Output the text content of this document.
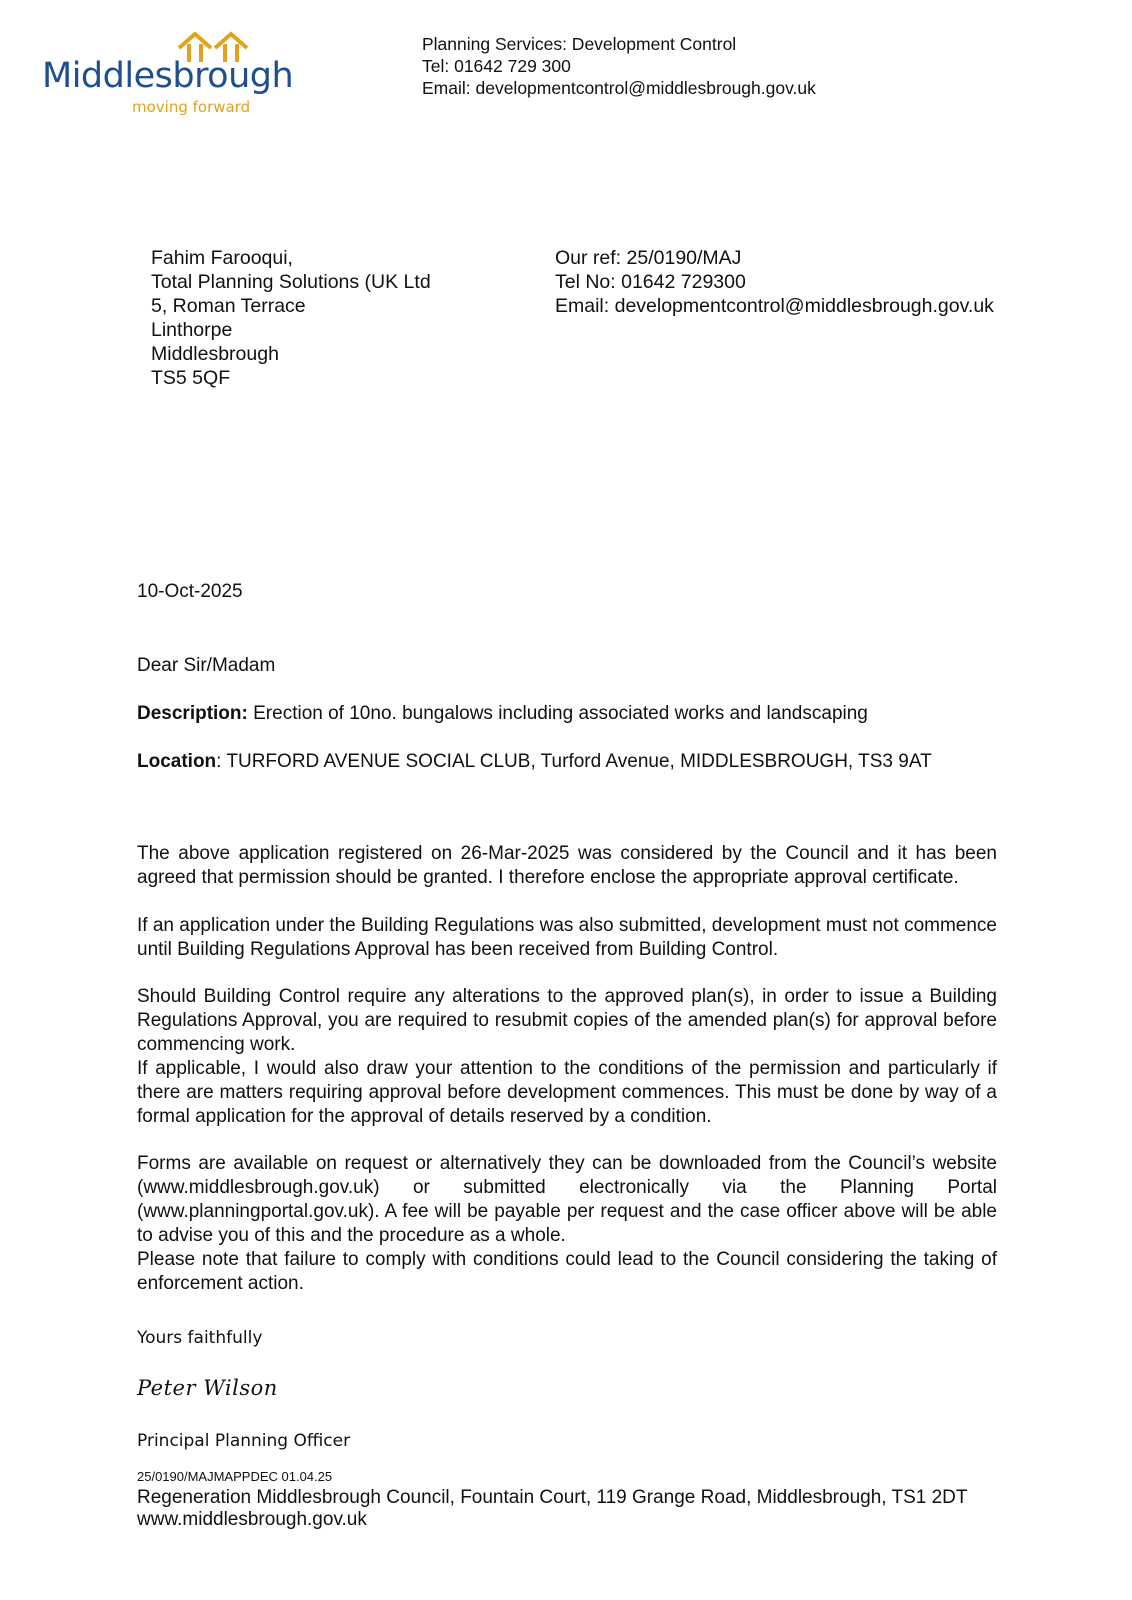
Middlesbrough
moving forward
Planning Services: Development Control
Tel: 01642 729 300
Email: developmentcontrol@middlesbrough.gov.uk
Fahim Farooqui,
Total Planning Solutions (UK Ltd
5, Roman Terrace
Linthorpe
Middlesbrough
TS5 5QF
Our ref: 25/0190/MAJ
Tel No: 01642 729300
Email: developmentcontrol@middlesbrough.gov.uk
10-Oct-2025
Dear Sir/Madam
Description: Erection of 10no. bungalows including associated works and landscaping
Location: TURFORD AVENUE SOCIAL CLUB, Turford Avenue, MIDDLESBROUGH, TS3 9AT
The above application registered on 26-Mar-2025 was considered by the Council and it has been agreed that permission should be granted. I therefore enclose the appropriate approval certificate.
If an application under the Building Regulations was also submitted, development must not commence until Building Regulations Approval has been received from Building Control.
Should Building Control require any alterations to the approved plan(s), in order to issue a Building Regulations Approval, you are required to resubmit copies of the amended plan(s) for approval before commencing work.
If applicable, I would also draw your attention to the conditions of the permission and particularly if there are matters requiring approval before development commences. This must be done by way of a formal application for the approval of details reserved by a condition.
Forms are available on request or alternatively they can be downloaded from the Council’s website (www.middlesbrough.gov.uk) or submitted electronically via the Planning Portal (www.planningportal.gov.uk). A fee will be payable per request and the case officer above will be able to advise you of this and the procedure as a whole.
Please note that failure to comply with conditions could lead to the Council considering the taking of enforcement action.
Yours faithfully
Peter Wilson
Principal Planning Officer
25/0190/MAJMAPPDEC 01.04.25
Regeneration Middlesbrough Council, Fountain Court, 119 Grange Road, Middlesbrough, TS1 2DT
www.middlesbrough.gov.uk
